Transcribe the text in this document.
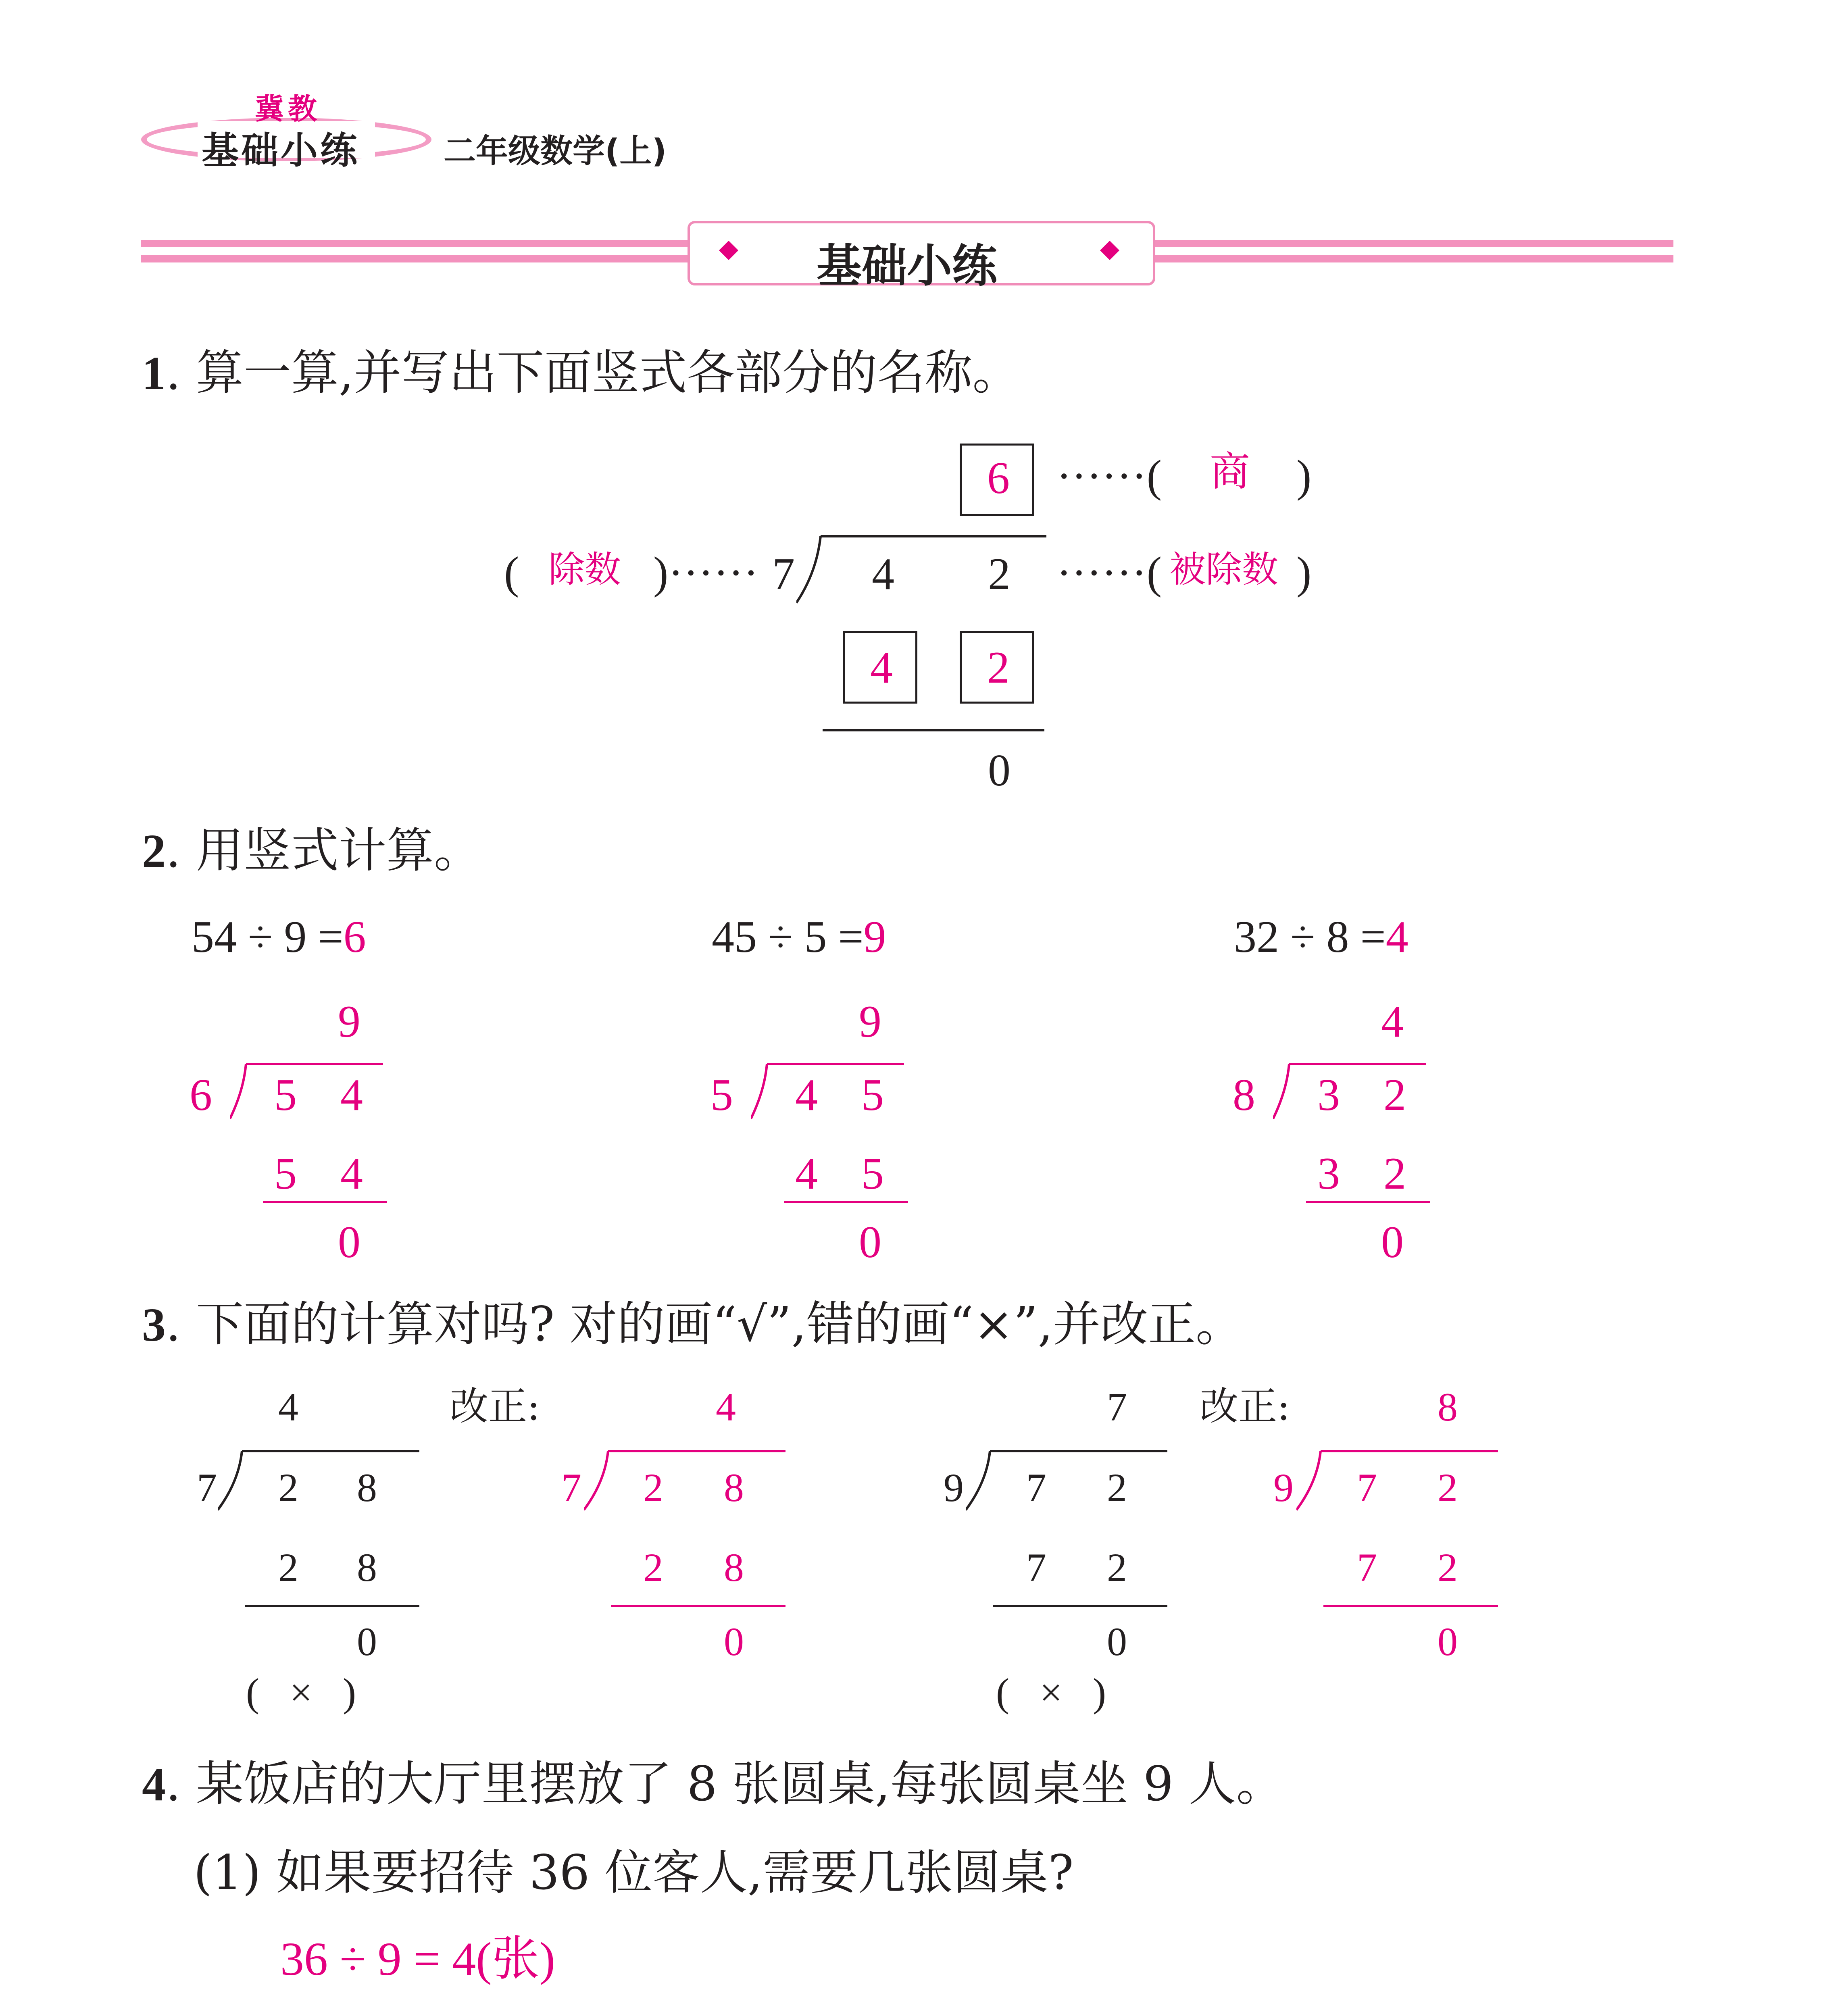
冀教
基础小练	二年级数学(上)
基础小练
1. 算一算,并写出下面竖式各部分的名称。
6 ······( 商 )
( 除数 )······ 7 4 2 ······( 被除数 )
4 2
0
2. 用竖式计算。
54 ÷ 9 =6
9
6 5 4
5 4
0
45 ÷ 5 =9
9
5 4 5
4 5
0
32 ÷ 8 =4
4
8 3 2
3 2
0
3. 下面的计算对吗? 对的画“√”,错的画“×”,并改正。
4
7 2 8
2 8
0
( × )
改正:	4
7 2 8
2 8
0
7
9 7 2
7 2
0
( × )
改正:	8
9 7 2
7 2
0
4. 某饭店的大厅里摆放了 8 张圆桌,每张圆桌坐 9 人。
(1) 如果要招待 36 位客人,需要几张圆桌?
36 ÷ 9 = 4(张)
